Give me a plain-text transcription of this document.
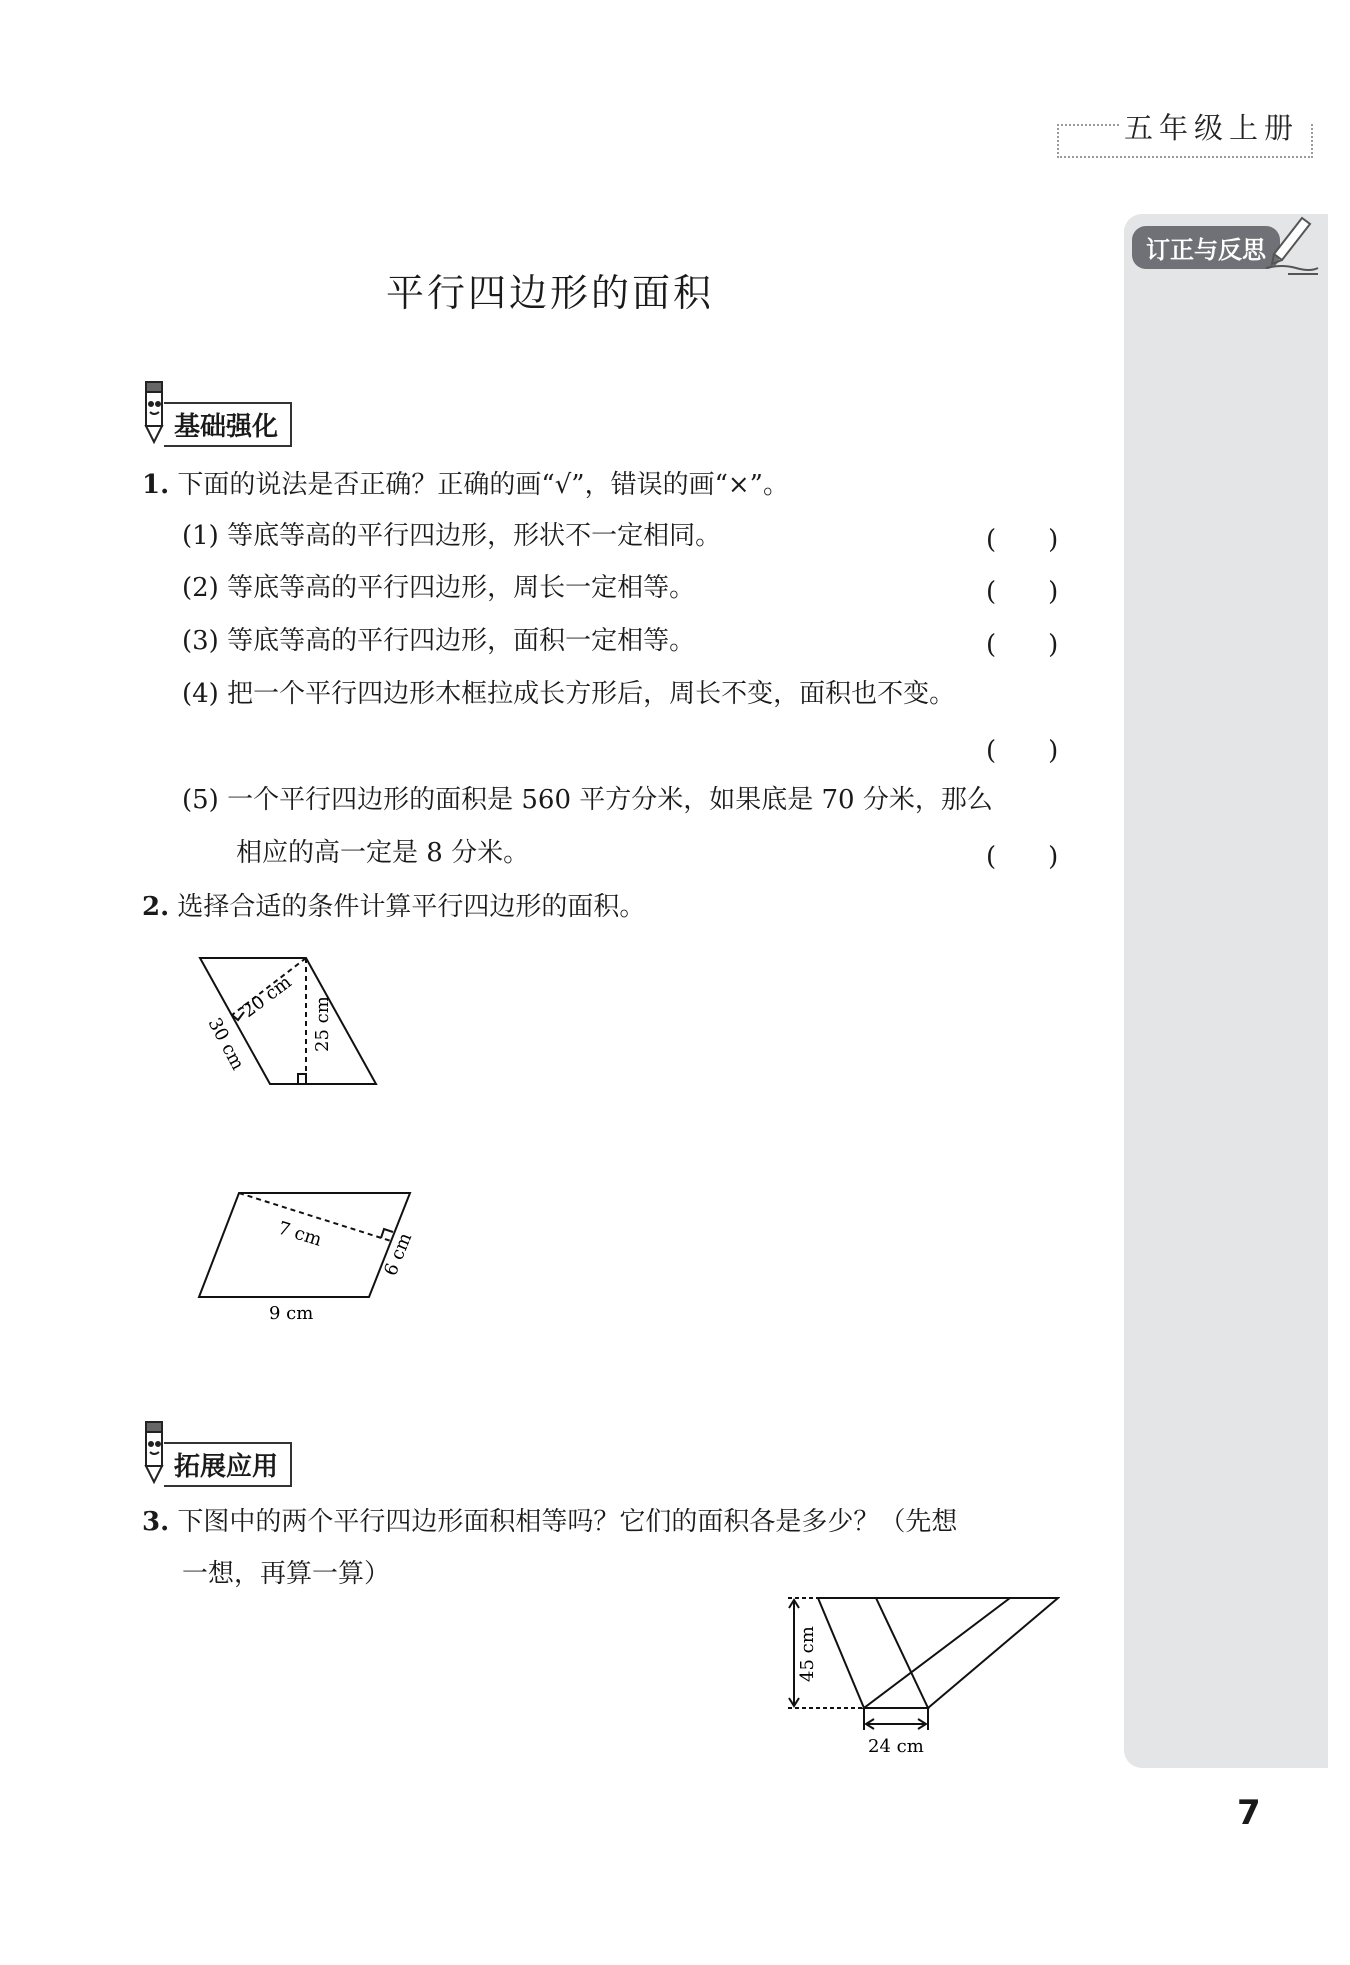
五年级上册
订正与反思
平行四边形的面积
基础强化
1. 下面的说法是否正确？正确的画“√”，错误的画“×”。
(1) 等底等高的平行四边形，形状不一定相同。	(　　)
(2) 等底等高的平行四边形，周长一定相等。	(　　)
(3) 等底等高的平行四边形，面积一定相等。	(　　)
(4) 把一个平行四边形木框拉成长方形后，周长不变，面积也不变。
(　　)
(5) 一个平行四边形的面积是 560 平方分米，如果底是 70 分米，那么
相应的高一定是 8 分米。	(　　)
2. 选择合适的条件计算平行四边形的面积。
30 cm
20 cm 25 cm
7 cm	6 cm
9 cm
拓展应用
3. 下图中的两个平行四边形面积相等吗？它们的面积各是多少？（先想
一想，再算一算）
45 cm
24 cm
7
